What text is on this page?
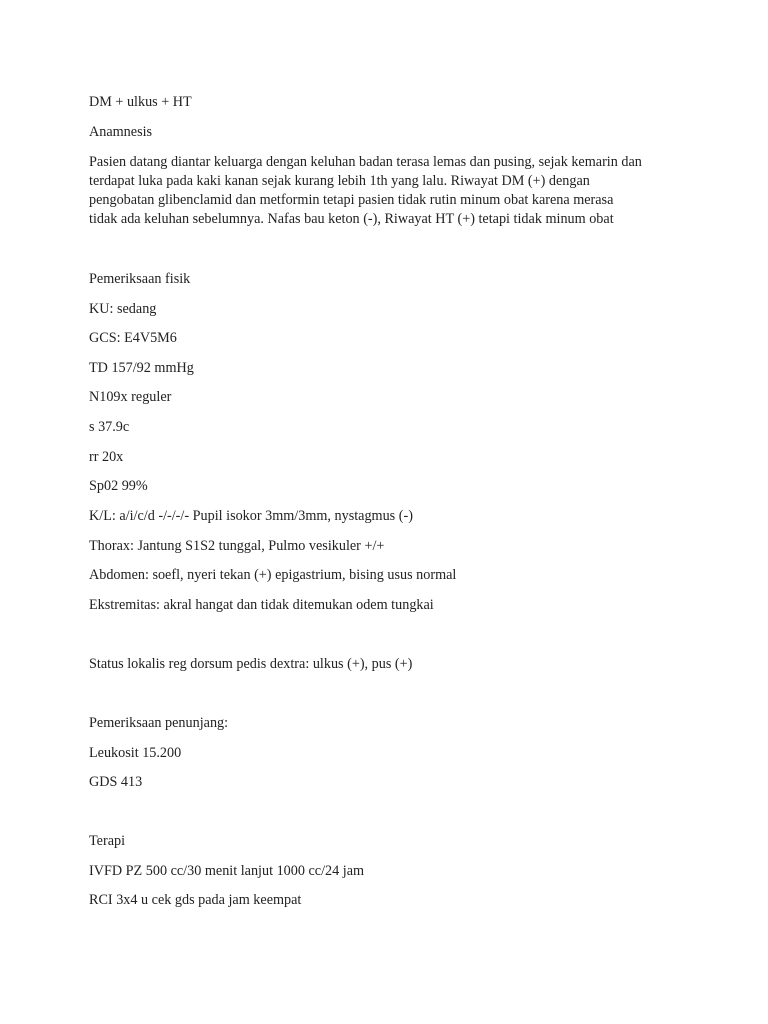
DM + ulkus + HT

Anamnesis

Pasien datang diantar keluarga dengan keluhan badan terasa lemas dan pusing, sejak kemarin dan
terdapat luka pada kaki kanan sejak kurang lebih 1th yang lalu. Riwayat DM (+) dengan
pengobatan glibenclamid dan metformin tetapi pasien tidak rutin minum obat karena merasa
tidak ada keluhan sebelumnya. Nafas bau keton (-), Riwayat HT (+) tetapi tidak minum obat

Pemeriksaan fisik

KU: sedang

GCS: E4V5M6

TD 157/92 mmHg

N109x reguler

s 37.9c

rr 20x

Sp02 99%

K/L: a/i/c/d -/-/-/- Pupil isokor 3mm/3mm, nystagmus (-)

Thorax: Jantung S1S2 tunggal, Pulmo vesikuler +/+

Abdomen: soefl, nyeri tekan (+) epigastrium, bising usus normal

Ekstremitas: akral hangat dan tidak ditemukan odem tungkai

Status lokalis reg dorsum pedis dextra: ulkus (+), pus (+)

Pemeriksaan penunjang:

Leukosit 15.200

GDS 413

Terapi

IVFD PZ 500 cc/30 menit lanjut 1000 cc/24 jam

RCI 3x4 u cek gds pada jam keempat
